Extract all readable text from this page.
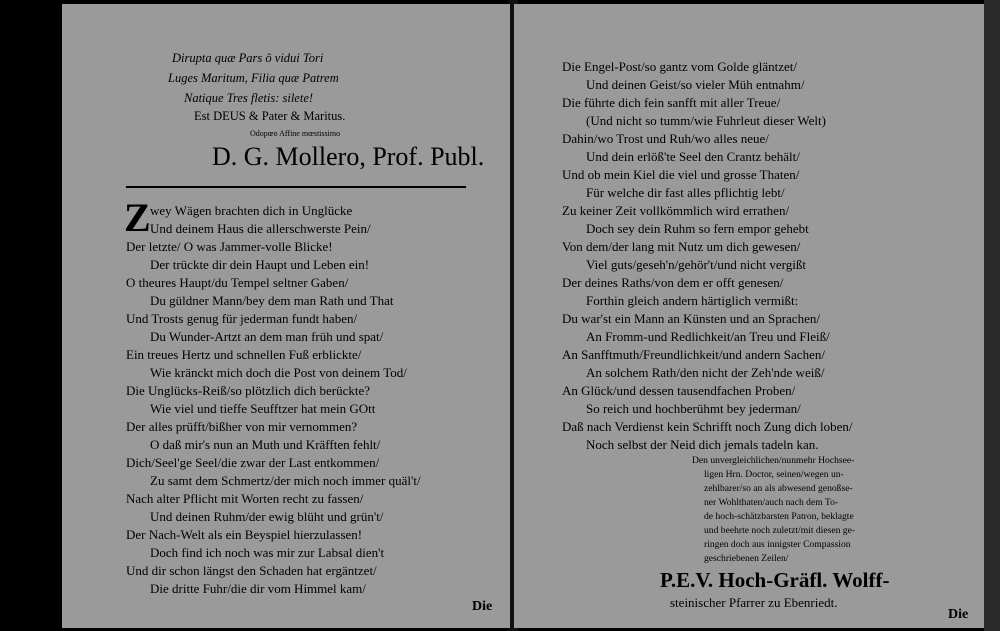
Dirupta quæ Pars ô vidui Tori
Luges Maritum, Filia quæ Patrem
Natique Tres fletis: silete!
Est DEUS & Pater & Maritus.
Odopœo Affine mœstissimo
D. G. Mollero, Prof. Publ.
Z wey Wägen brachten dich in Unglücke
Und deinem Haus die allerschwerste Pein/
Der letzte/ O was Jammer-volle Blicke!
Der trückte dir dein Haupt und Leben ein!
O theures Haupt/du Tempel seltner Gaben/
Du güldner Mann/bey dem man Rath und That
Und Trosts genug für jederman fundt haben/
Du Wunder-Artzt an dem man früh und spat/
Ein treues Hertz und schnellen Fuß erblickte/
Wie kränckt mich doch die Post von deinem Tod/
Die Unglücks-Reiß/so plötzlich dich berückte?
Wie viel und tieffe Seufftzer hat mein GOtt
Der alles prüfft/bißher von mir vernommen?
O daß mir's nun an Muth und Kräfften fehlt/
Dich/Seel'ge Seel/die zwar der Last entkommen/
Zu samt dem Schmertz/der mich noch immer quäl't/
Nach alter Pflicht mit Worten recht zu fassen/
Und deinen Ruhm/der ewig blüht und grün't/
Der Nach-Welt als ein Beyspiel hierzulassen!
Doch find ich noch was mir zur Labsal dien't
Und dir schon längst den Schaden hat ergäntzet/
Die dritte Fuhr/die dir vom Himmel kam/
Die
Die Engel-Post/so gantz vom Golde gläntzet/
Und deinen Geist/so vieler Müh entnahm/
Die führte dich fein sanfft mit aller Treue/
(Und nicht so tumm/wie Fuhrleut dieser Welt)
Dahin/wo Trost und Ruh/wo alles neue/
Und dein erlöß'te Seel den Crantz behält/
Und ob mein Kiel die viel und grosse Thaten/
Für welche dir fast alles pflichtig lebt/
Zu keiner Zeit vollkömmlich wird errathen/
Doch sey dein Ruhm so fern empor gehebt
Von dem/der lang mit Nutz um dich gewesen/
Viel guts/geseh'n/gehör't/und nicht vergißt
Der deines Raths/von dem er offt genesen/
Forthin gleich andern härtiglich vermißt:
Du war'st ein Mann an Künsten und an Sprachen/
An Fromm-und Redlichkeit/an Treu und Fleiß/
An Sanfftmuth/Freundlichkeit/und andern Sachen/
An solchem Rath/den nicht der Zeh'nde weiß/
An Glück/und dessen tausendfachen Proben/
So reich und hochberühmt bey jederman/
Daß nach Verdienst kein Schrifft noch Zung dich loben/
Noch selbst der Neid dich jemals tadeln kan.
Den unvergleichlichen/nunmehr Hochsee-
ligen Hrn. Doctor, seinen/wegen un-
zehlbarer/so an als abwesend genoßse-
ner Wohlthaten/auch nach dem To-
de hoch-schätzbarsten Patron, beklagte
und beehrte noch zuletzt/mit diesen ge-
ringen doch aus innigster Compassion
geschriebenen Zeilen/
P.E.V. Hoch-Gräfl. Wolff-
steinischer Pfarrer zu Ebenriedt.
Die
